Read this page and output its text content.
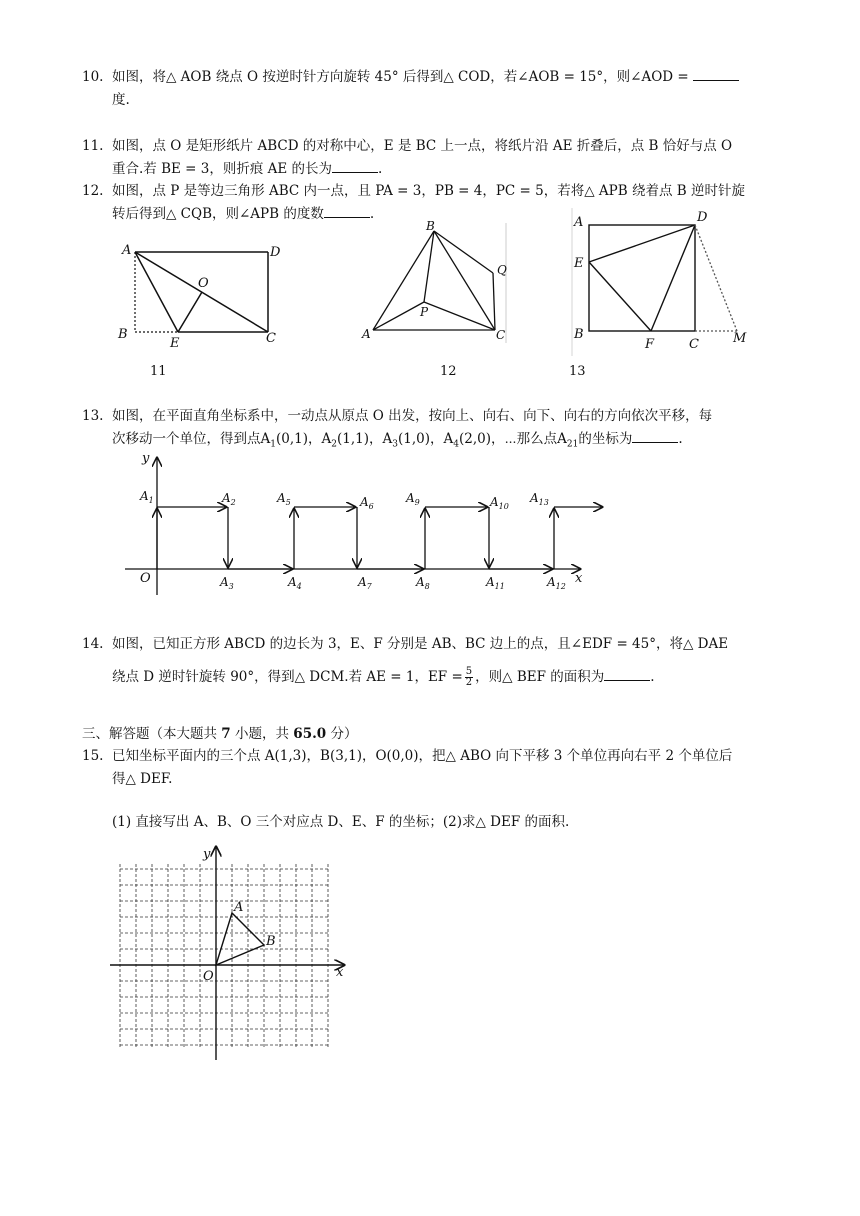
10. 如图，将△ AOB 绕点 O 按逆时针方向旋转 45° 后得到△ COD，若∠AOB = 15°，则∠AOD =
度.
11. 如图，点 O 是矩形纸片 ABCD 的对称中心，E 是 BC 上一点，将纸片沿 AE 折叠后，点 B 恰好与点 O
重合.若 BE = 3，则折痕 AE 的长为	.
12. 如图，点 P 是等边三角形 ABC 内一点，且 PA = 3，PB = 4，PC = 5，若将△ APB 绕着点 B 逆时针旋
转后得到△ CQB，则∠APB 的度数	.
A	D
B
E	C
O
11
A
B
C
P
Q
12
A	D
E
B
F	C	M
13
13. 如图，在平面直角坐标系中，一动点从原点 O 出发，按向上、向右、向下、向右的方向依次平移，每
次移动一个单位，得到点$A_1(0,1)$，$A_2(1,1)$，$A_3(1,0)$，$A_4(2,0)$，⋯那么点$A_{21}$的坐标为	.
$A_1$	$A_2$
$A_3$	$A_4$
$A_5$	$A_6$
$A_7$	$A_8$
$A_9$	$A_{10}$
$A_{11}$	$A_{12}$
$A_{13}$
y
x
O
14. 如图，已知正方形 ABCD 的边长为 3，E、F 分别是 AB、BC 边上的点，且∠EDF = 45°，将△ DAE
绕点 D 逆时针旋转 90°，得到△ DCM.若 AE = 1，EF = $\frac{5}{2}$ ，则△ BEF 的面积为	.
三、解答题（本大题共 7 小题，共 65.0 分）
15. 已知坐标平面内的三个点 A(1,3)，B(3,1)，O(0,0)，把△ ABO 向下平移 3 个单位再向右平 2 个单位后
得△ DEF.
(1) 直接写出 A、B、O 三个对应点 D、E、F 的坐标；(2)求△ DEF 的面积.
y
x
O
A
B
